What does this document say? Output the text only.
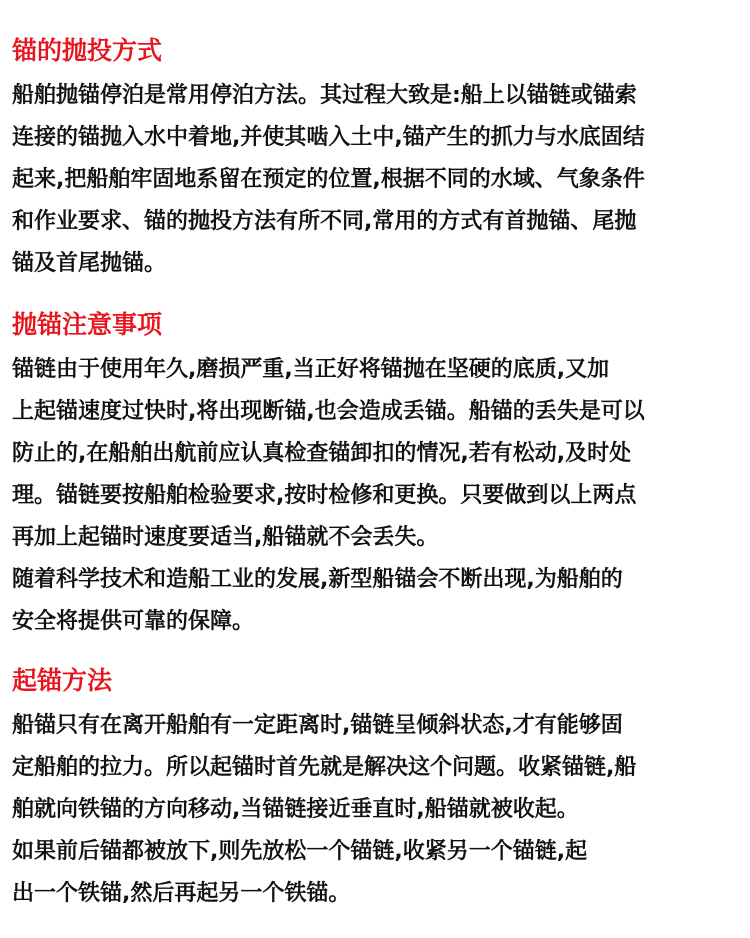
锚的抛投方式

船舶抛锚停泊是常用停泊方法。其过程大致是:船上以锚链或锚索

连接的锚抛入水中着地,并使其啮入土中,锚产生的抓力与水底固结

起来,把船舶牢固地系留在预定的位置,根据不同的水域、气象条件

和作业要求、锚的抛投方法有所不同,常用的方式有首抛锚、尾抛

锚及首尾抛锚。

抛锚注意事项

锚链由于使用年久,磨损严重,当正好将锚抛在坚硬的底质,又加

上起锚速度过快时,将出现断锚,也会造成丢锚。船锚的丢失是可以

防止的,在船舶出航前应认真检查锚卸扣的情况,若有松动,及时处

理。锚链要按船舶检验要求,按时检修和更换。只要做到以上两点

再加上起锚时速度要适当,船锚就不会丢失。

随着科学技术和造船工业的发展,新型船锚会不断出现,为船舶的

安全将提供可靠的保障。

起锚方法

船锚只有在离开船舶有一定距离时,锚链呈倾斜状态,才有能够固

定船舶的拉力。所以起锚时首先就是解决这个问题。收紧锚链,船

舶就向铁锚的方向移动,当锚链接近垂直时,船锚就被收起。

如果前后锚都被放下,则先放松一个锚链,收紧另一个锚链,起

出一个铁锚,然后再起另一个铁锚。
